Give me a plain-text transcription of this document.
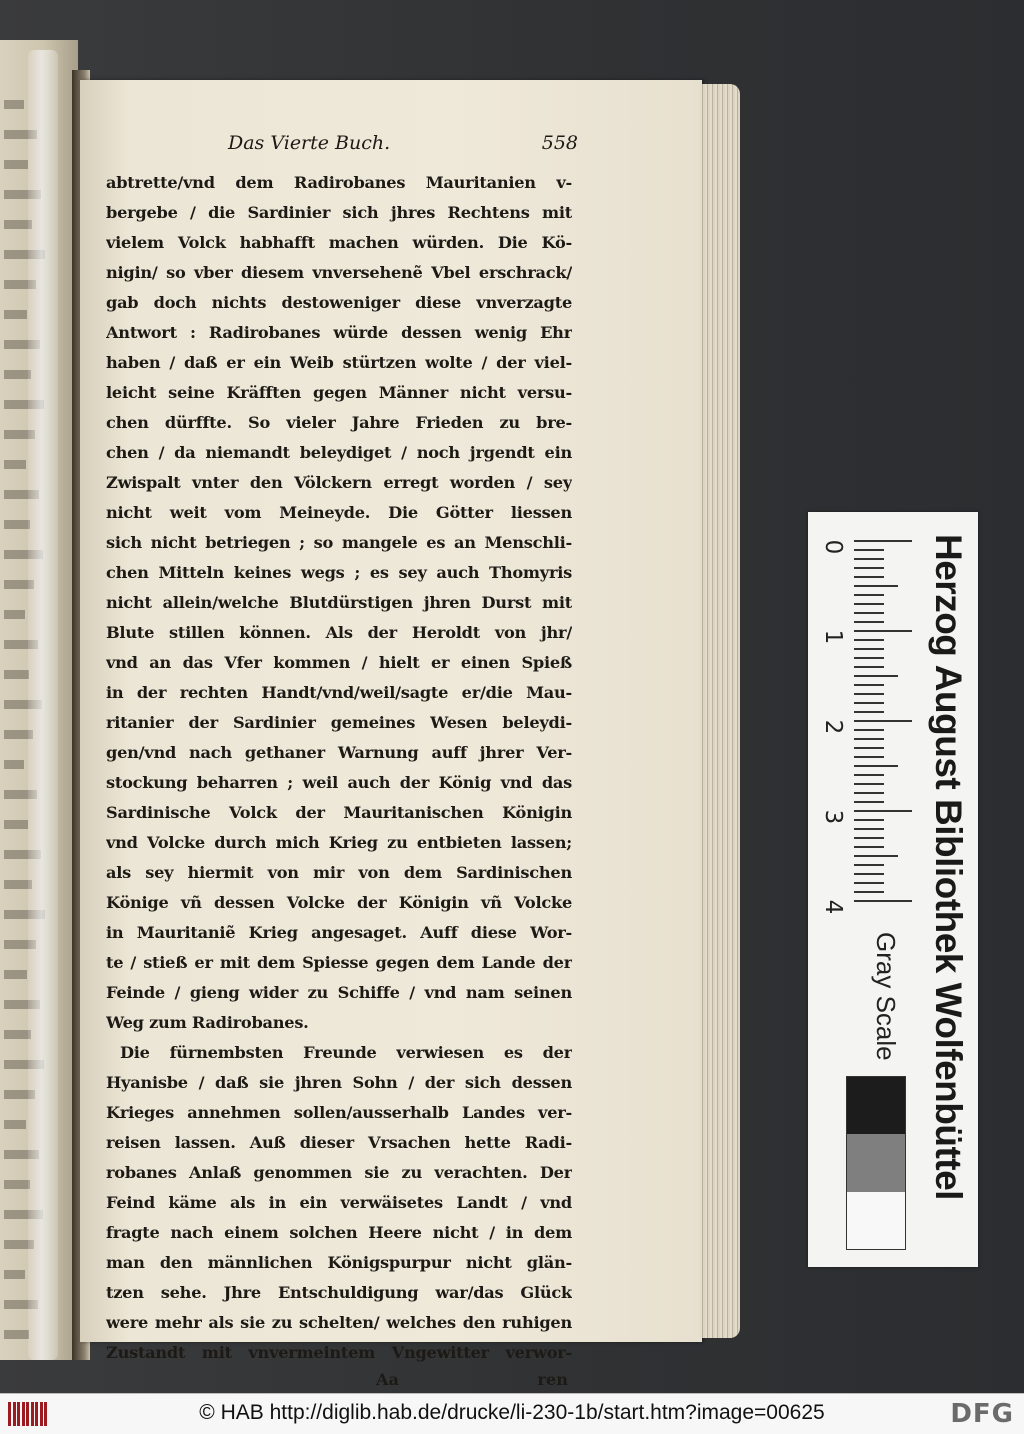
Das Vierte Buch.	558
abtrette/vnd dem Radirobanes Mauritanien v-
bergebe / die Sardinier sich jhres Rechtens mit
vielem Volck habhafft machen würden. Die Kö-
nigin/ so vber diesem vnversehenẽ Vbel erschrack/
gab doch nichts destoweniger diese vnverzagte
Antwort : Radirobanes würde dessen wenig Ehr
haben / daß er ein Weib stürtzen wolte / der viel-
leicht seine Kräfften gegen Männer nicht versu-
chen dürffte. So vieler Jahre Frieden zu bre-
chen / da niemandt beleydiget / noch jrgendt ein
Zwispalt vnter den Völckern erregt worden / sey
nicht weit vom Meineyde. Die Götter liessen
sich nicht betriegen ; so mangele es an Menschli-
chen Mitteln keines wegs ; es sey auch Thomyris
nicht allein/welche Blutdürstigen jhren Durst mit
Blute stillen können. Als der Heroldt von jhr/
vnd an das Vfer kommen / hielt er einen Spieß
in der rechten Handt/vnd/weil/sagte er/die Mau-
ritanier der Sardinier gemeines Wesen beleydi-
gen/vnd nach gethaner Warnung auff jhrer Ver-
stockung beharren ; weil auch der König vnd das
Sardinische Volck der Mauritanischen Königin
vnd Volcke durch mich Krieg zu entbieten lassen;
als sey hiermit von mir von dem Sardinischen
Könige vñ dessen Volcke der Königin vñ Volcke
in Mauritaniẽ Krieg angesaget. Auff diese Wor-
te / stieß er mit dem Spiesse gegen dem Lande der
Feinde / gieng wider zu Schiffe / vnd nam seinen
Weg zum Radirobanes.
Die fürnembsten Freunde verwiesen es der
Hyanisbe / daß sie jhren Sohn / der sich dessen
Krieges annehmen sollen/ausserhalb Landes ver-
reisen lassen. Auß dieser Vrsachen hette Radi-
robanes Anlaß genommen sie zu verachten. Der
Feind käme als in ein verwäisetes Landt / vnd
fragte nach einem solchen Heere nicht / in dem
man den männlichen Königspurpur nicht glän-
tzen sehe. Jhre Entschuldigung war/das Glück
were mehr als sie zu schelten/ welches den ruhigen
Zustandt mit vnvermeintem Vngewitter verwor-
Aa	ren
0
1
2
3
4 Herzog August Bibliothek Wolfenbüttel
Gray Scale
© HAB http://diglib.hab.de/drucke/li-230-1b/start.htm?image=00625	DFG
